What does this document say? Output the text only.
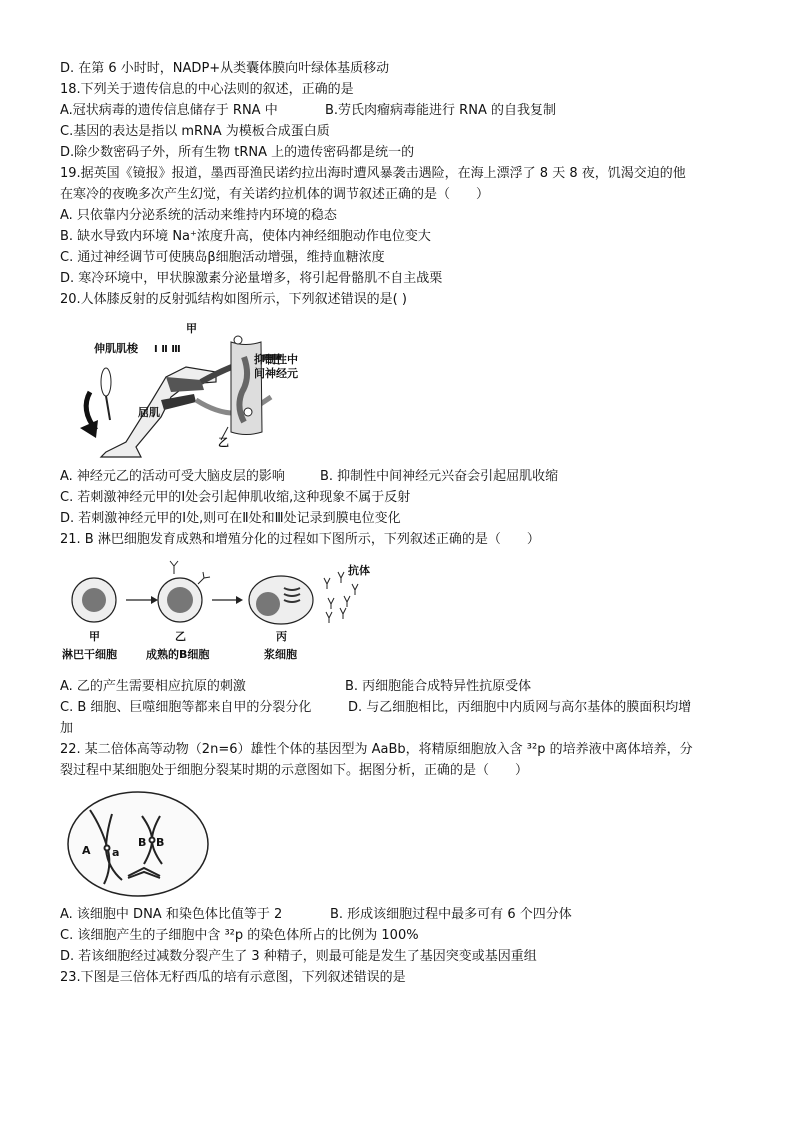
D. 在第 6 小时时，NADP+从类囊体膜向叶绿体基质移动
18.下列关于遗传信息的中心法则的叙述，正确的是
A.冠状病毒的遗传信息储存于 RNA 中	B.劳氏肉瘤病毒能进行 RNA 的自我复制
C.基因的表达是指以 mRNA 为模板合成蛋白质
D.除少数密码子外，所有生物 tRNA 上的遗传密码都是统一的
19.据英国《镜报》报道，墨西哥渔民诺约拉出海时遭风暴袭击遇险，在海上漂浮了 8 天 8 夜，饥渴交迫的他
在寒冷的夜晚多次产生幻觉，有关诺约拉机体的调节叙述正确的是（　　）
A. 只依靠内分泌系统的活动来维持内环境的稳态
B. 缺水导致内环境 Na⁺浓度升高，使体内神经细胞动作电位变大
C. 通过神经调节可使胰岛β细胞活动增强，维持血糖浓度
D. 寒冷环境中，甲状腺激素分泌量增多，将引起骨骼肌不自主战栗
20.人体膝反射的反射弧结构如图所示，下列叙述错误的是( )
甲
Ⅰ Ⅱ Ⅲ
伸肌肌梭
抑制性中
间神经元
屈肌
乙
A. 神经元乙的活动可受大脑皮层的影响	B. 抑制性中间神经元兴奋会引起屈肌收缩
C. 若刺激神经元甲的Ⅰ处会引起伸肌收缩,这种现象不属于反射
D. 若刺激神经元甲的Ⅰ处,则可在Ⅱ处和Ⅲ处记录到膜电位变化
21. B 淋巴细胞发育成熟和增殖分化的过程如下图所示，下列叙述正确的是（　　）
抗体
甲
淋巴干细胞
乙
成熟的B细胞
丙
浆细胞
A. 乙的产生需要相应抗原的刺激	B. 丙细胞能合成特异性抗原受体
C. B 细胞、巨噬细胞等都来自甲的分裂分化	D. 与乙细胞相比，丙细胞中内质网与高尔基体的膜面积均增
加
22. 某二倍体高等动物（2n=6）雄性个体的基因型为 AaBb，将精原细胞放入含 ³²p 的培养液中离体培养，分
裂过程中某细胞处于细胞分裂某时期的示意图如下。据图分析，正确的是（　　）
A a
B B
A. 该细胞中 DNA 和染色体比值等于 2	B. 形成该细胞过程中最多可有 6 个四分体
C. 该细胞产生的子细胞中含 ³²p 的染色体所占的比例为 100%
D. 若该细胞经过减数分裂产生了 3 种精子，则最可能是发生了基因突变或基因重组
23.下图是三倍体无籽西瓜的培有示意图，下列叙述错误的是
